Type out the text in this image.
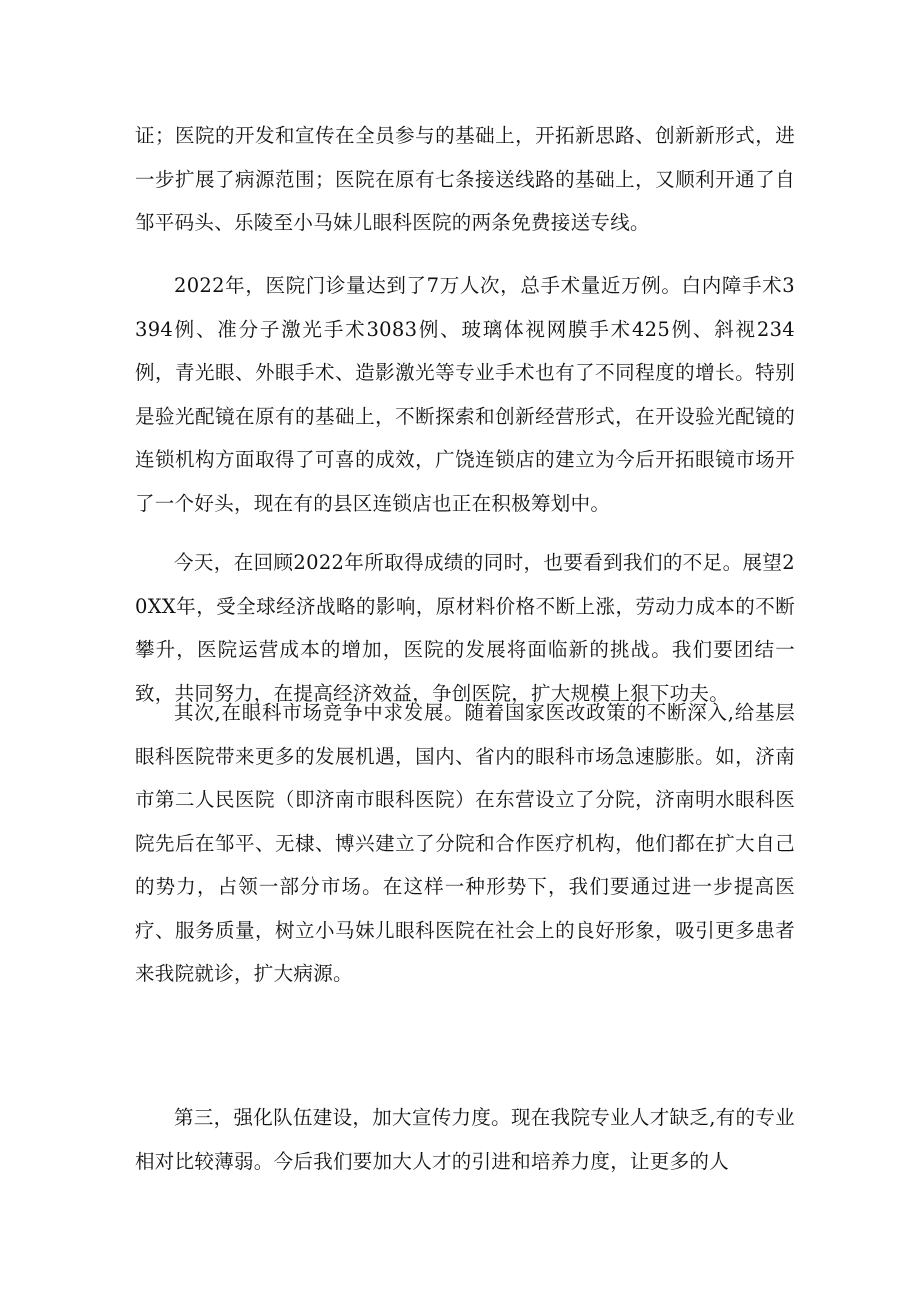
证；医院的开发和宣传在全员参与的基础上，开拓新思路、创新新形式，进一步扩展了病源范围；医院在原有七条接送线路的基础上，又顺利开通了自邹平码头、乐陵至小马妹儿眼科医院的两条免费接送专线。

2022年，医院门诊量达到了7万人次，总手术量近万例。白内障手术3394例、准分子激光手术3083例、玻璃体视网膜手术425例、斜视234例，青光眼、外眼手术、造影激光等专业手术也有了不同程度的增长。特别是验光配镜在原有的基础上，不断探索和创新经营形式，在开设验光配镜的连锁机构方面取得了可喜的成效，广饶连锁店的建立为今后开拓眼镜市场开了一个好头，现在有的县区连锁店也正在积极筹划中。

今天，在回顾2022年所取得成绩的同时，也要看到我们的不足。展望20XX年，受全球经济战略的影响，原材料价格不断上涨，劳动力成本的不断攀升，医院运营成本的增加，医院的发展将面临新的挑战。我们要团结一致，共同努力，在提高经济效益，争创医院，扩大规模上狠下功夫。

其次,在眼科市场竞争中求发展。随着国家医改政策的不断深入,给基层眼科医院带来更多的发展机遇，国内、省内的眼科市场急速膨胀。如，济南市第二人民医院（即济南市眼科医院）在东营设立了分院，济南明水眼科医院先后在邹平、无棣、博兴建立了分院和合作医疗机构，他们都在扩大自己的势力，占领一部分市场。在这样一种形势下，我们要通过进一步提高医疗、服务质量，树立小马妹儿眼科医院在社会上的良好形象，吸引更多患者来我院就诊，扩大病源。

第三，强化队伍建设，加大宣传力度。现在我院专业人才缺乏,有的专业相对比较薄弱。今后我们要加大人才的引进和培养力度，让更多的人
